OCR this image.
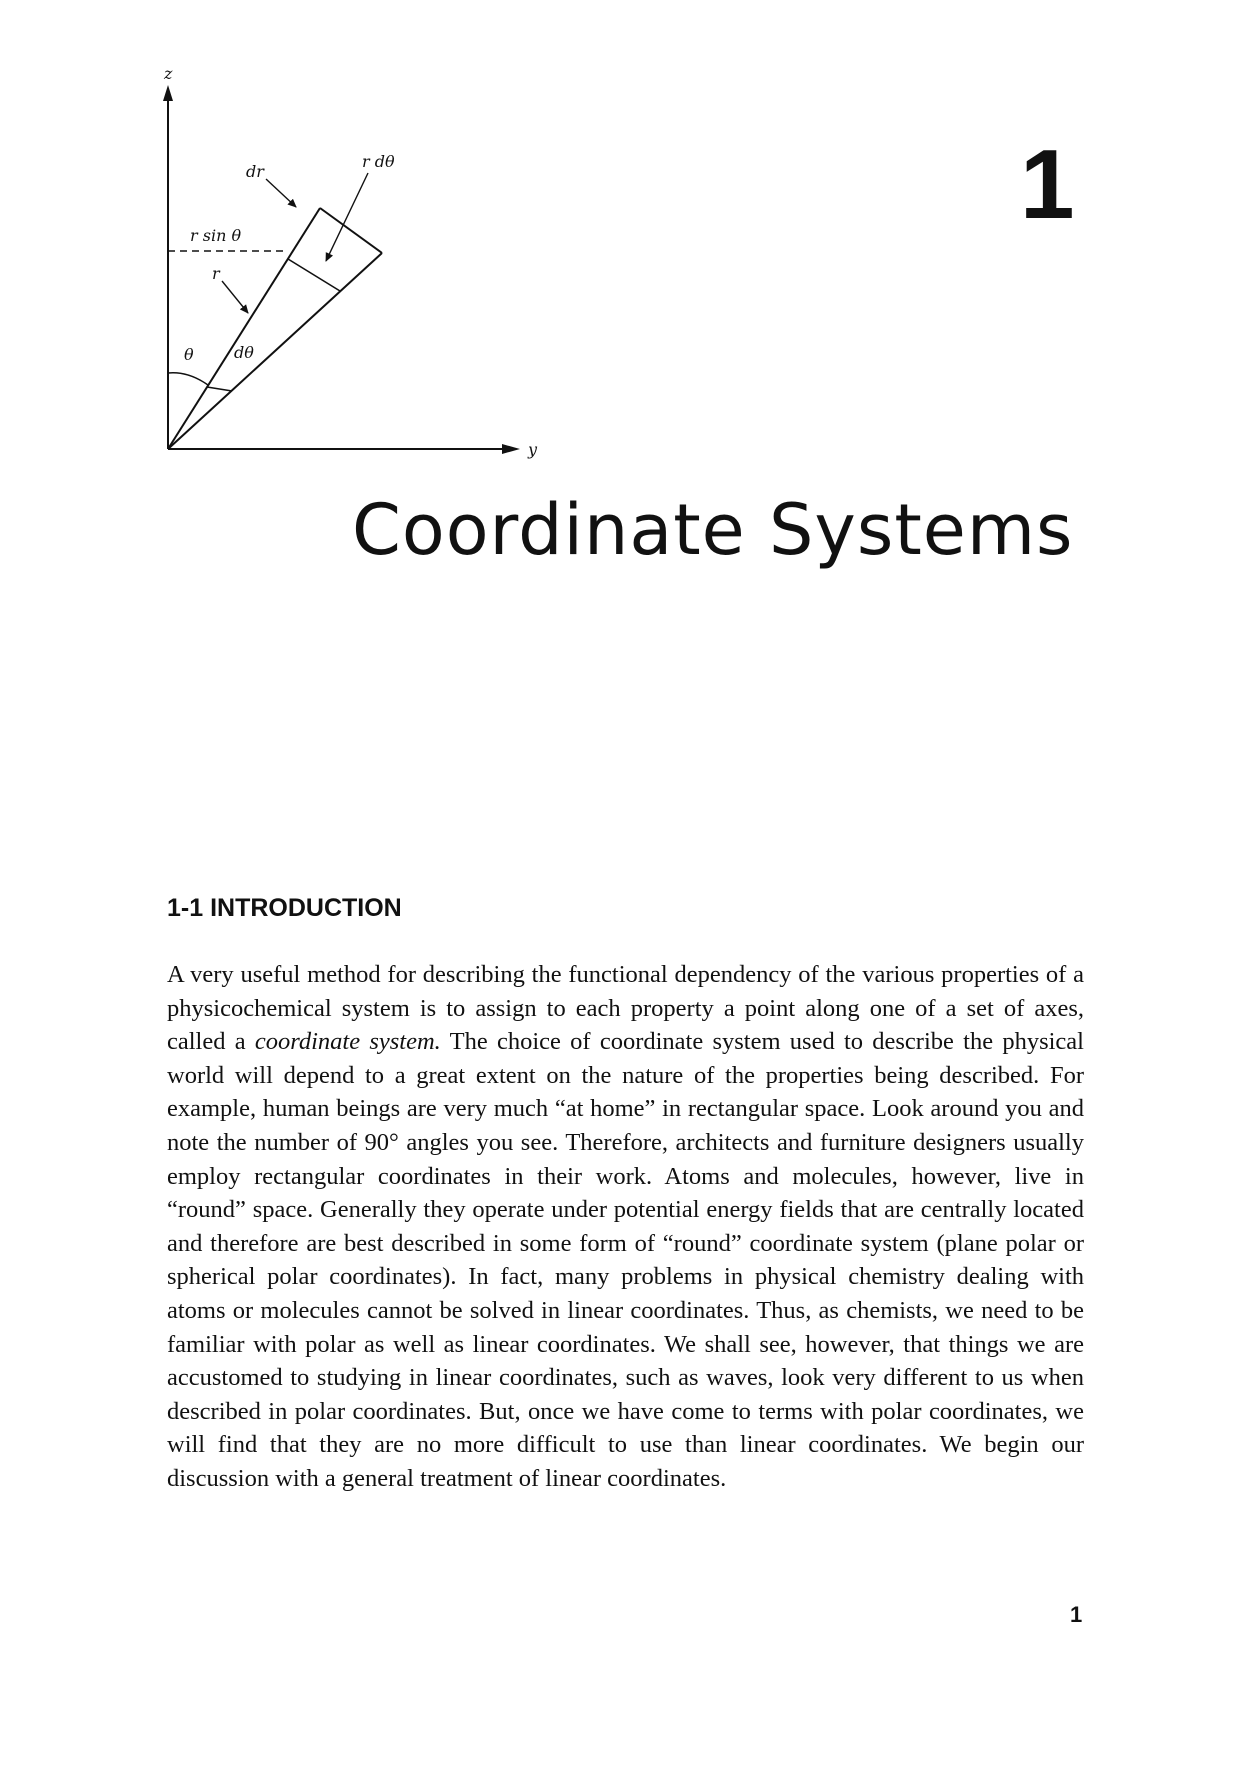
z
y
r sin θ
θ	dθ
r
dr
r dθ	1
Coordinate Systems
1-1 INTRODUCTION

A very useful method for describing the functional dependency of the various properties of a physicochemical system is to assign to each property a point along one of a set of axes, called a coordinate system. The choice of coordinate system used to describe the physical world will depend to a great extent on the nature of the properties being described. For example, human beings are very much “at home” in rectangular space. Look around you and note the number of 90° angles you see. Therefore, architects and furniture designers usually employ rectangular coordinates in their work. Atoms and molecules, however, live in “round” space. Generally they operate under potential energy fields that are centrally located and therefore are best described in some form of “round” coordinate system (plane polar or spherical polar coordinates). In fact, many problems in physical chemistry dealing with atoms or molecules cannot be solved in linear coordinates. Thus, as chemists, we need to be familiar with polar as well as linear coordinates. We shall see, however, that things we are accustomed to studying in linear coordinates, such as waves, look very different to us when described in polar coordinates. But, once we have come to terms with polar coordinates, we will find that they are no more difficult to use than linear coordinates. We begin our discussion with a general treatment of linear coordinates.

1
